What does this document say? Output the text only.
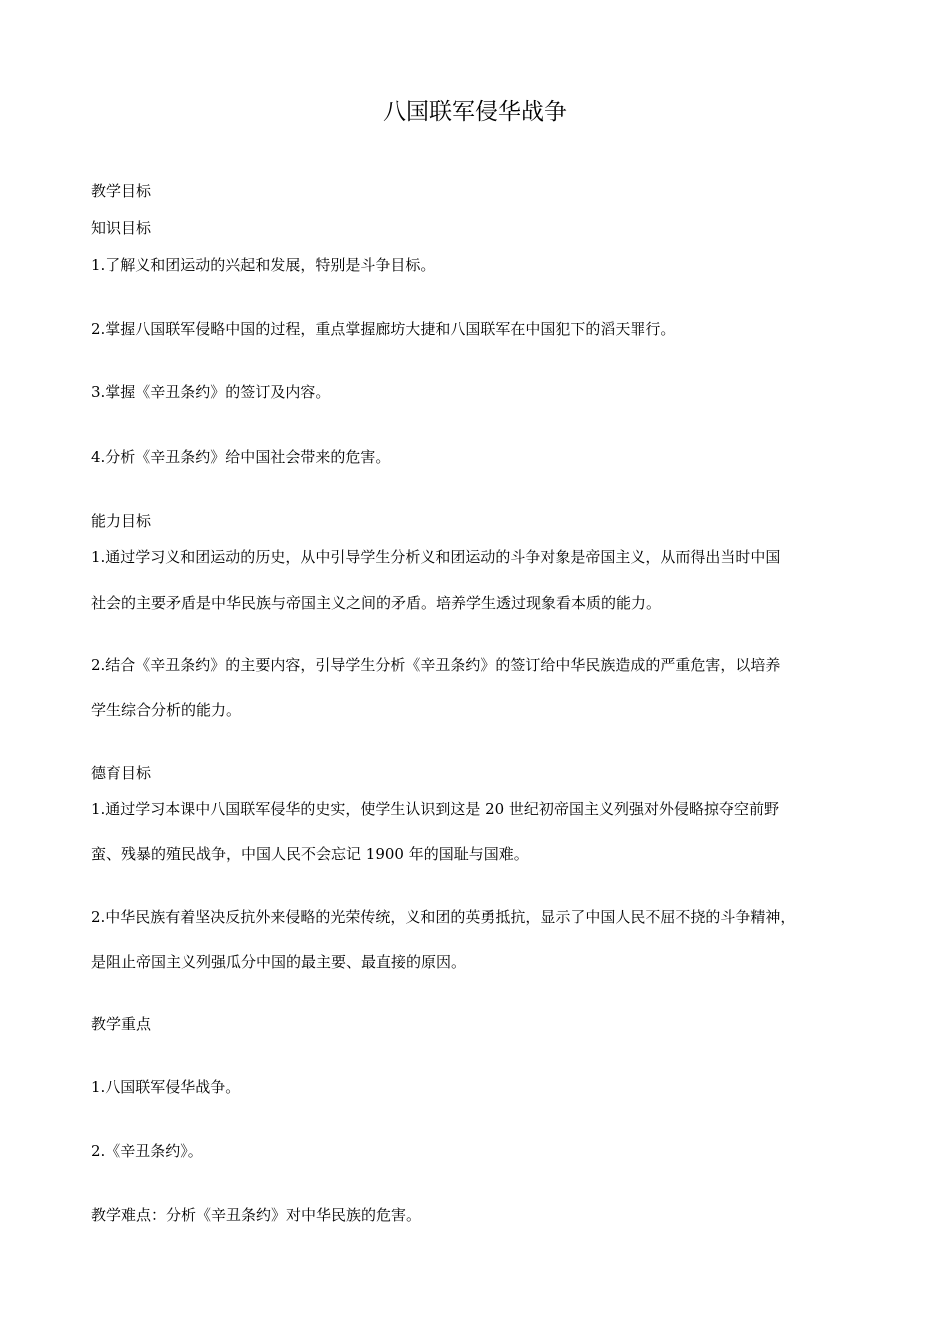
八国联军侵华战争
教学目标
知识目标
1.了解义和团运动的兴起和发展，特别是斗争目标。
2.掌握八国联军侵略中国的过程，重点掌握廊坊大捷和八国联军在中国犯下的滔天罪行。
3.掌握《辛丑条约》的签订及内容。
4.分析《辛丑条约》给中国社会带来的危害。
能力目标
1.通过学习义和团运动的历史，从中引导学生分析义和团运动的斗争对象是帝国主义，从而得出当时中国
社会的主要矛盾是中华民族与帝国主义之间的矛盾。培养学生透过现象看本质的能力。
2.结合《辛丑条约》的主要内容，引导学生分析《辛丑条约》的签订给中华民族造成的严重危害，以培养
学生综合分析的能力。
德育目标
1.通过学习本课中八国联军侵华的史实，使学生认识到这是 20 世纪初帝国主义列强对外侵略掠夺空前野
蛮、残暴的殖民战争，中国人民不会忘记 1900 年的国耻与国难。
2.中华民族有着坚决反抗外来侵略的光荣传统，义和团的英勇抵抗，显示了中国人民不屈不挠的斗争精神，
是阻止帝国主义列强瓜分中国的最主要、最直接的原因。
教学重点
1.八国联军侵华战争。
2.《辛丑条约》。
教学难点：分析《辛丑条约》对中华民族的危害。
